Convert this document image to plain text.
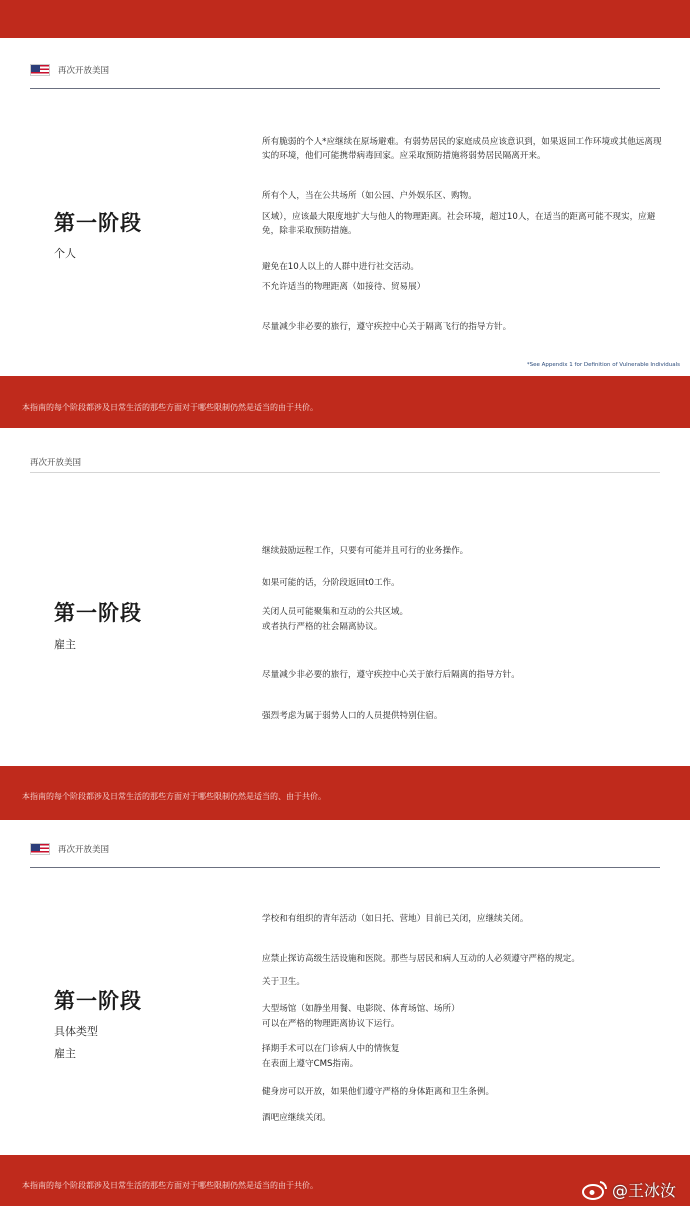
再次开放美国
第一阶段
个人
所有脆弱的个人*应继续在原场避难。有弱势居民的家庭成员应该意识到，如果返回工作环境或其他远离现实的环境，他们可能携带病毒回家。应采取预防措施将弱势居民隔离开来。
所有个人，当在公共场所（如公园、户外娱乐区、购物。
区域），应该最大限度地扩大与他人的物理距离。社会环境，超过10人，在适当的距离可能不现实，应避免，除非采取预防措施。
避免在10人以上的人群中进行社交活动。
不允许适当的物理距离（如接待、贸易展）
尽量减少非必要的旅行，遵守疾控中心关于隔离飞行的指导方针。
*See Appendix 1 for Definition of Vulnerable Individuals
本指南的每个阶段都涉及日常生活的那些方面对于哪些限制仍然是适当的由于共价。
再次开放美国
第一阶段
雇主
继续鼓励远程工作，只要有可能并且可行的业务操作。
如果可能的话，分阶段返回t0工作。
关闭人员可能聚集和互动的公共区域。
或者执行严格的社会隔离协议。
尽量减少非必要的旅行，遵守疾控中心关于旅行后隔离的指导方针。
强烈考虑为属于弱势人口的人员提供特别住宿。
本指南的每个阶段都涉及日常生活的那些方面对于哪些限制仍然是适当的、由于共价。
再次开放美国
第一阶段
具体类型
雇主
学校和有组织的青年活动（如日托、营地）目前已关闭，应继续关闭。
应禁止探访高级生活设施和医院。那些与居民和病人互动的人必须遵守严格的规定。
关于卫生。
大型场馆（如静坐用餐、电影院、体育场馆、场所）
可以在严格的物理距离协议下运行。
择期手术可以在门诊病人中的情恢复
在表面上遵守CMS指南。
健身房可以开放，如果他们遵守严格的身体距离和卫生条例。
酒吧应继续关闭。
本指南的每个阶段都涉及日常生活的那些方面对于哪些限制仍然是适当的由于共价。	@王冰汝
